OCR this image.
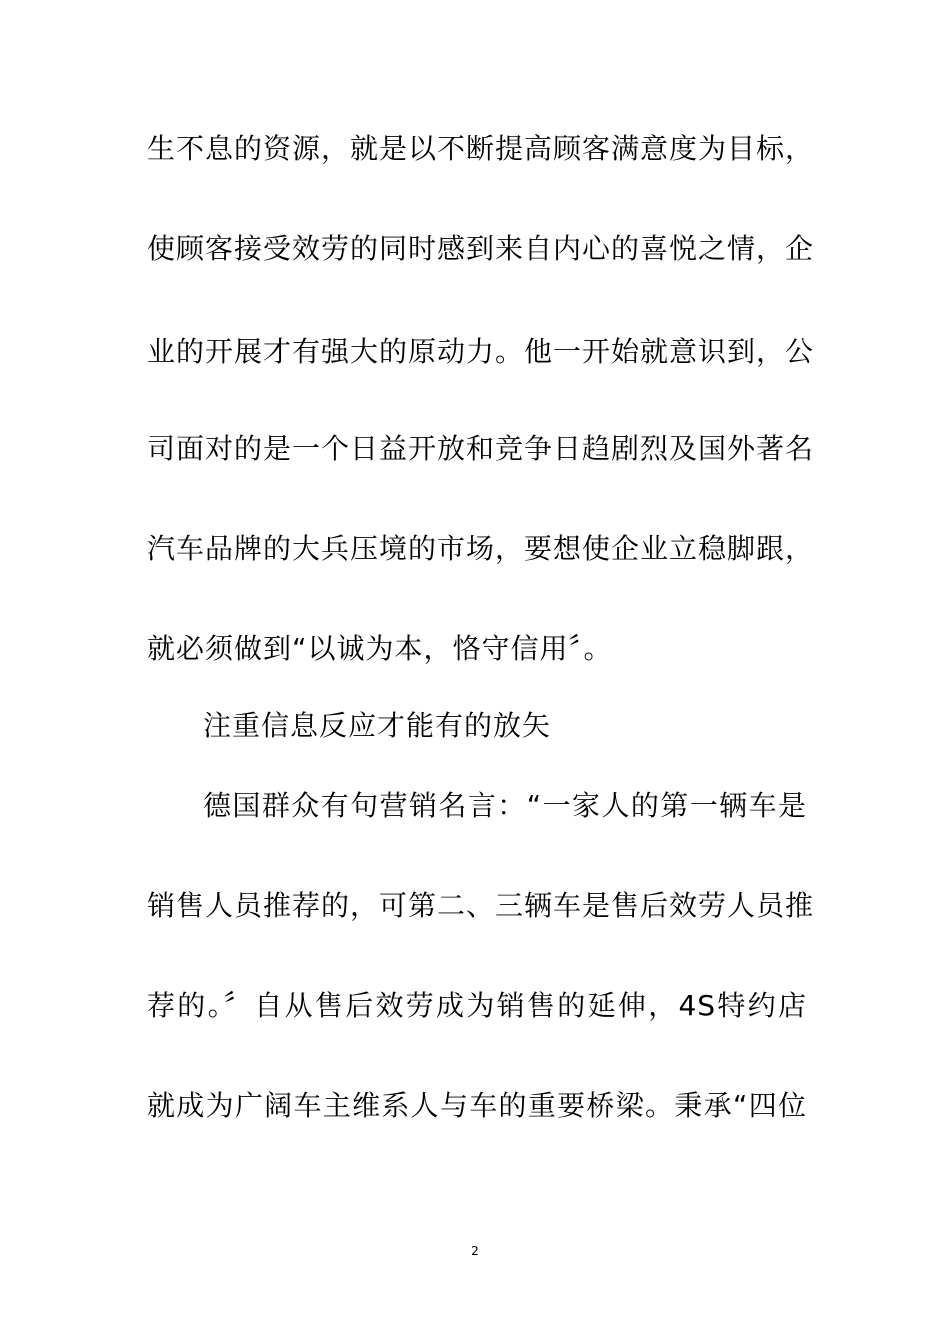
生不息的资源，就是以不断提高顾客满意度为目标，
使顾客接受效劳的同时感到来自内心的喜悦之情，企
业的开展才有强大的原动力。他一开始就意识到，公
司面对的是一个日益开放和竞争日趋剧烈及国外著名
汽车品牌的大兵压境的市场，要想使企业立稳脚跟，
就必须做到“以诚为本，恪守信用〞。
注重信息反应才能有的放矢
德国群众有句营销名言：“一家人的第一辆车是
销售人员推荐的，可第二、三辆车是售后效劳人员推
荐的。〞自从售后效劳成为销售的延伸，4S特约店
就成为广阔车主维系人与车的重要桥梁。秉承“四位
2
